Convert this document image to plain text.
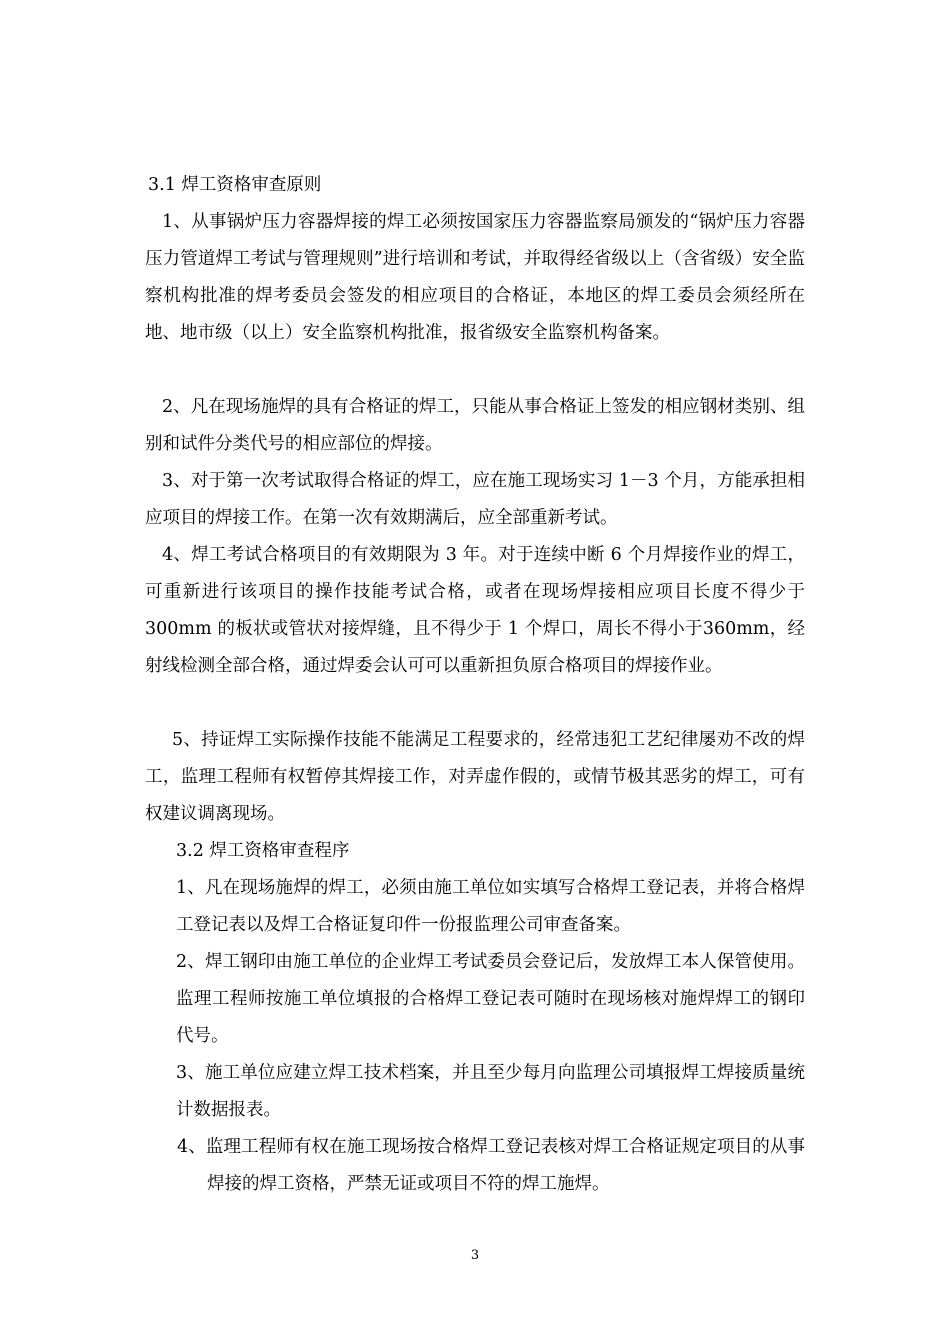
3.1 焊工资格审查原则

1、从事锅炉压力容器焊接的焊工必须按国家压力容器监察局颁发的“锅炉压力容器压力管道焊工考试与管理规则”进行培训和考试，并取得经省级以上（含省级）安全监察机构批准的焊考委员会签发的相应项目的合格证，本地区的焊工委员会须经所在地、地市级（以上）安全监察机构批准，报省级安全监察机构备案。

2、凡在现场施焊的具有合格证的焊工，只能从事合格证上签发的相应钢材类别、组别和试件分类代号的相应部位的焊接。

3、对于第一次考试取得合格证的焊工，应在施工现场实习 1－3 个月，方能承担相应项目的焊接工作。在第一次有效期满后，应全部重新考试。

4、焊工考试合格项目的有效期限为 3 年。对于连续中断 6 个月焊接作业的焊工，可重新进行该项目的操作技能考试合格，或者在现场焊接相应项目长度不得少于 300mm 的板状或管状对接焊缝，且不得少于 1 个焊口，周长不得小于360mm，经射线检测全部合格，通过焊委会认可可以重新担负原合格项目的焊接作业。

5、持证焊工实际操作技能不能满足工程要求的，经常违犯工艺纪律屡劝不改的焊工，监理工程师有权暂停其焊接工作，对弄虚作假的，或情节极其恶劣的焊工，可有权建议调离现场。

3.2 焊工资格审查程序

1、凡在现场施焊的焊工，必须由施工单位如实填写合格焊工登记表，并将合格焊工登记表以及焊工合格证复印件一份报监理公司审查备案。

2、焊工钢印由施工单位的企业焊工考试委员会登记后，发放焊工本人保管使用。监理工程师按施工单位填报的合格焊工登记表可随时在现场核对施焊焊工的钢印代号。

3、施工单位应建立焊工技术档案，并且至少每月向监理公司填报焊工焊接质量统计数据报表。

4、监理工程师有权在施工现场按合格焊工登记表核对焊工合格证规定项目的从事焊接的焊工资格，严禁无证或项目不符的焊工施焊。

3
